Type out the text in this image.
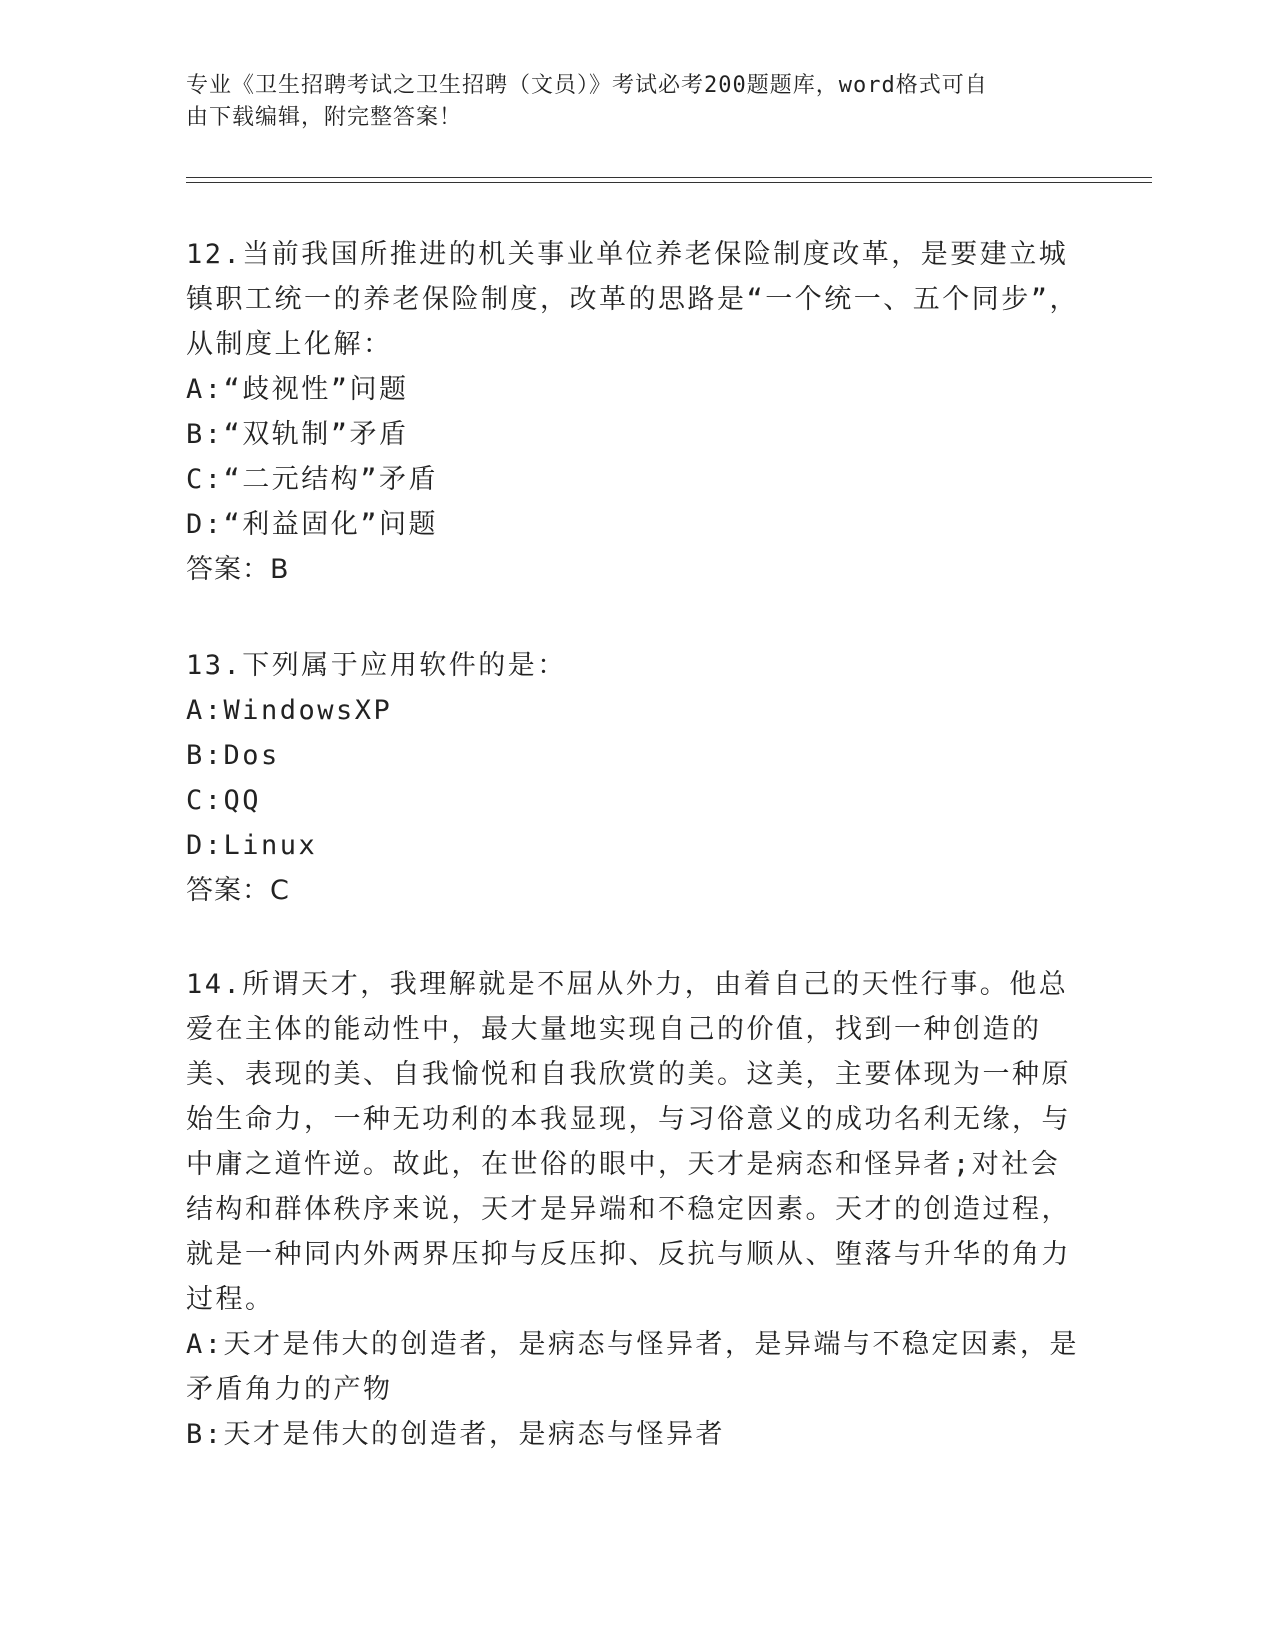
专业《卫生招聘考试之卫生招聘（文员）》考试必考200题题库，word格式可自
由下载编辑，附完整答案！

12.当前我国所推进的机关事业单位养老保险制度改革，是要建立城镇职工统一的养老保险制度，改革的思路是“一个统一、五个同步”，从制度上化解：

A:“歧视性”问题

B:“双轨制”矛盾

C:“二元结构”矛盾

D:“利益固化”问题

答案：B

13.下列属于应用软件的是：

A:WindowsXP

B:Dos

C:QQ

D:Linux

答案：C

14.所谓天才，我理解就是不屈从外力，由着自己的天性行事。他总爱在主体的能动性中，最大量地实现自己的价值，找到一种创造的美、表现的美、自我愉悦和自我欣赏的美。这美，主要体现为一种原始生命力，一种无功利的本我显现，与习俗意义的成功名利无缘，与中庸之道忤逆。故此，在世俗的眼中，天才是病态和怪异者;对社会结构和群体秩序来说，天才是异端和不稳定因素。天才的创造过程，就是一种同内外两界压抑与反压抑、反抗与顺从、堕落与升华的角力过程。

A:天才是伟大的创造者，是病态与怪异者，是异端与不稳定因素，是矛盾角力的产物

B:天才是伟大的创造者，是病态与怪异者
